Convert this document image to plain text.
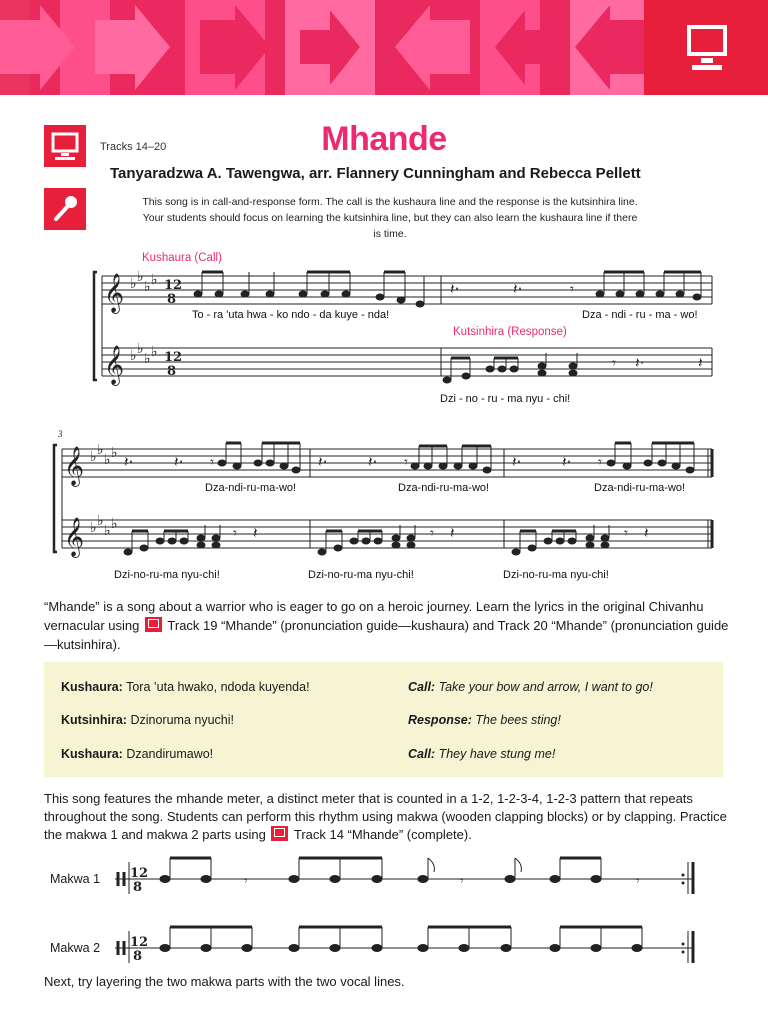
Tracks 14–20	Mhande
Tanyaradzwa A. Tawengwa, arr. Flannery Cunningham and Rebecca Pellett
This song is in call-and-response form. The call is the kushaura line and the response is the kutsinhira line. Your students should focus on learning the kutsinhira line, but they can also learn the kushaura line if there is time.
Kushaura (Call)
𝄞
𝄞
♭ ♭
♭ ♭
♭ ♭
♭ ♭
12
8
12
8
𝄽·	𝄽·	𝄾
𝄽
𝄾 𝄽·
To - ra 'uta hwa - ko ndo - da kuye - nda!	Dza - ndi - ru - ma - wo!
Kutsinhira (Response)
Dzi - no - ru - ma nyu - chi!
3
𝄞
𝄞
♭ ♭
♭ ♭
♭ ♭
♭ ♭
𝄽·	𝄽· 𝄾	𝄽·	𝄽· 𝄾	𝄽·	𝄽· 𝄾
𝄾 𝄽	𝄾 𝄽	𝄾 𝄽
Dza-ndi-ru-ma-wo!	Dza-ndi-ru-ma-wo!	Dza-ndi-ru-ma-wo!
Dzi-no-ru-ma nyu-chi!	Dzi-no-ru-ma nyu-chi!	Dzi-no-ru-ma nyu-chi!
“Mhande” is a song about a warrior who is eager to go on a heroic journey. Learn the lyrics in the original Chivanhu vernacular using Track 19 “Mhande” (pronunciation guide—kushaura) and Track 20 “Mhande” (pronunciation guide—kutsinhira).
Kushaura: Tora ’uta hwako, ndoda kuyenda!	Call: Take your bow and arrow, I want to go!
Kutsinhira: Dzinoruma nyuchi!	Response: The bees sting!
Kushaura: Dzandirumawo!	Call: They have stung me!
This song features the mhande meter, a distinct meter that is counted in a 1-2, 1-2-3-4, 1-2-3 pattern that repeats throughout the song. Students can perform this rhythm using makwa (wooden clapping blocks) or by clapping. Practice the makwa 1 and makwa 2 parts using Track 14 “Mhande” (complete).
Makwa 1
Makwa 2
12
8
12
8
𝄾	𝄾	𝄾
Next, try layering the two makwa parts with the two vocal lines.
